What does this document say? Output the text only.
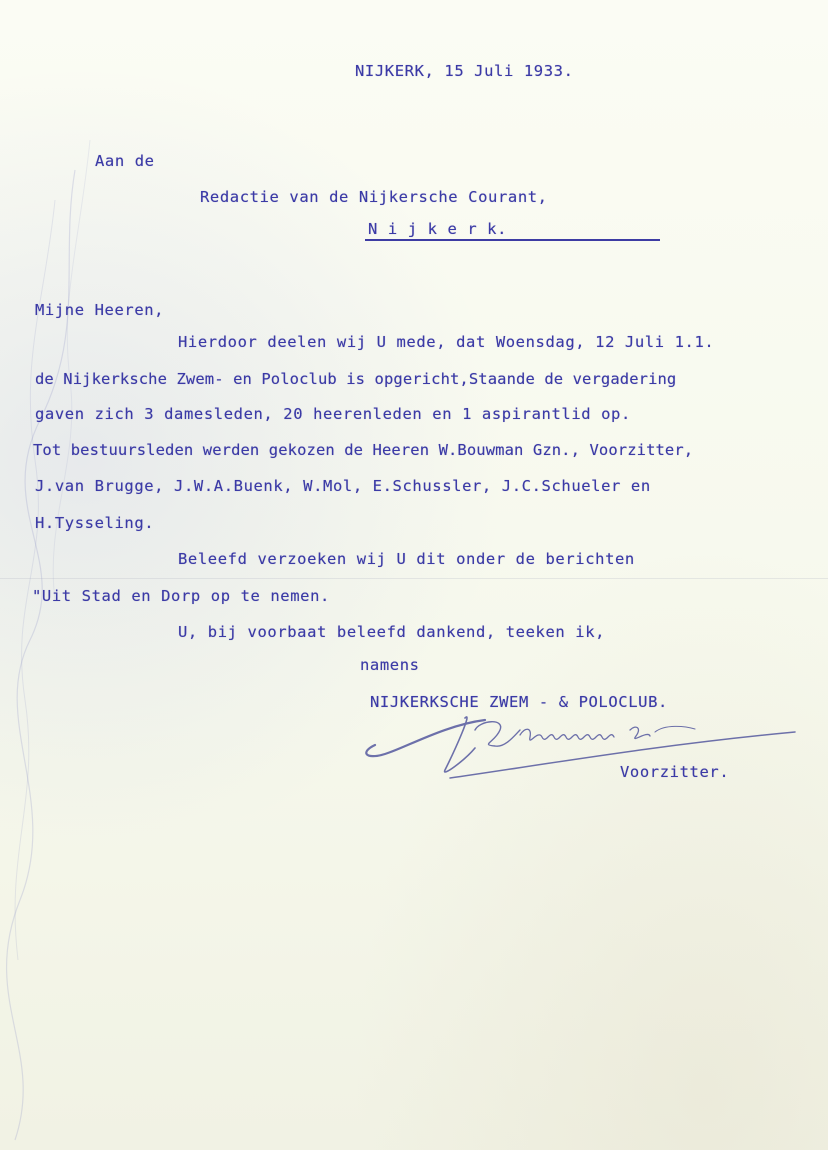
NIJKERK, 15 Juli 1933.
Aan de
Redactie van de Nijkersche Courant,
N i j k e r k.
Mijne Heeren,
Hierdoor deelen wij U mede, dat Woensdag, 12 Juli 1.1.
de Nijkerksche Zwem- en Poloclub is opgericht,Staande de vergadering
gaven zich 3 damesleden, 20 heerenleden en 1 aspirantlid op.
Tot bestuursleden werden gekozen de Heeren W.Bouwman Gzn., Voorzitter,
J.van Brugge, J.W.A.Buenk, W.Mol, E.Schussler, J.C.Schueler en
H.Tysseling.
Beleefd verzoeken wij U dit onder de berichten
"Uit Stad en Dorp op te nemen.
U, bij voorbaat beleefd dankend, teeken ik,
namens
NIJKERKSCHE ZWEM - & POLOCLUB.
Voorzitter.
